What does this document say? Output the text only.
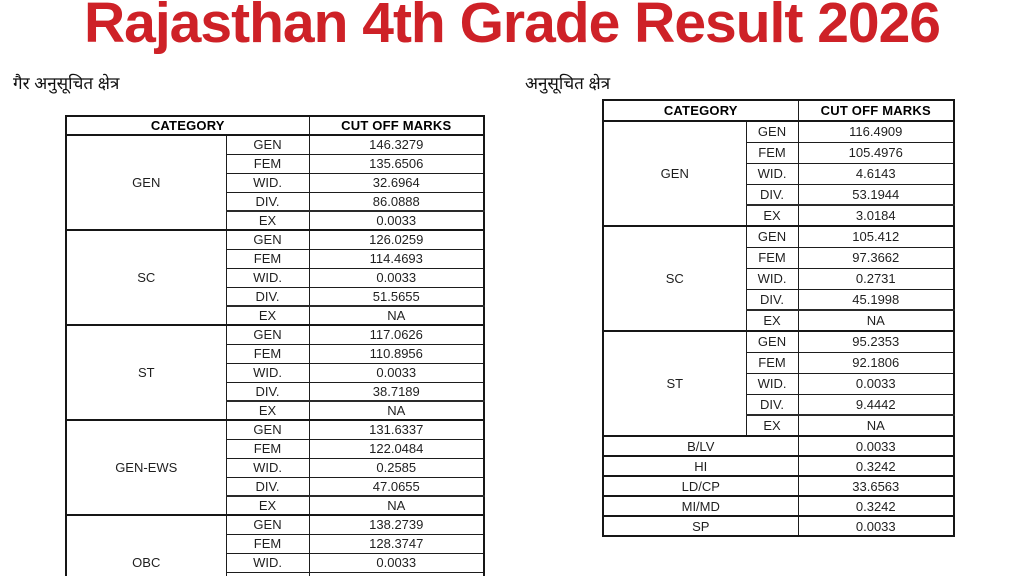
Rajasthan 4th Grade Result 2026
गैर अनुसूचित क्षेत्र	अनुसूचित क्षेत्र
CATEGORY		CUT OFF MARKS
GEN	GEN	146.3279
	FEM	135.6506
	WID.	32.6964
	DIV.	86.0888
	EX	0.0033
SC	GEN	126.0259
	FEM	114.4693
	WID.	0.0033
	DIV.	51.5655
	EX	NA
ST	GEN	117.0626
	FEM	110.8956
	WID.	0.0033
	DIV.	38.7189
	EX	NA
GEN-EWS	GEN	131.6337
	FEM	122.0484
	WID.	0.2585
	DIV.	47.0655
	EX	NA
OBC	GEN	138.2739
	FEM	128.3747
	WID.	0.0033

CATEGORY		CUT OFF MARKS
GEN	GEN	116.4909
	FEM	105.4976
	WID.	4.6143
	DIV.	53.1944
	EX	3.0184
SC	GEN	105.412
	FEM	97.3662
	WID.	0.2731
	DIV.	45.1998
	EX	NA
ST	GEN	95.2353
	FEM	92.1806
	WID.	0.0033
	DIV.	9.4442
	EX	NA
B/LV		0.0033
HI		0.3242
LD/CP		33.6563
MI/MD		0.3242
SP		0.0033
